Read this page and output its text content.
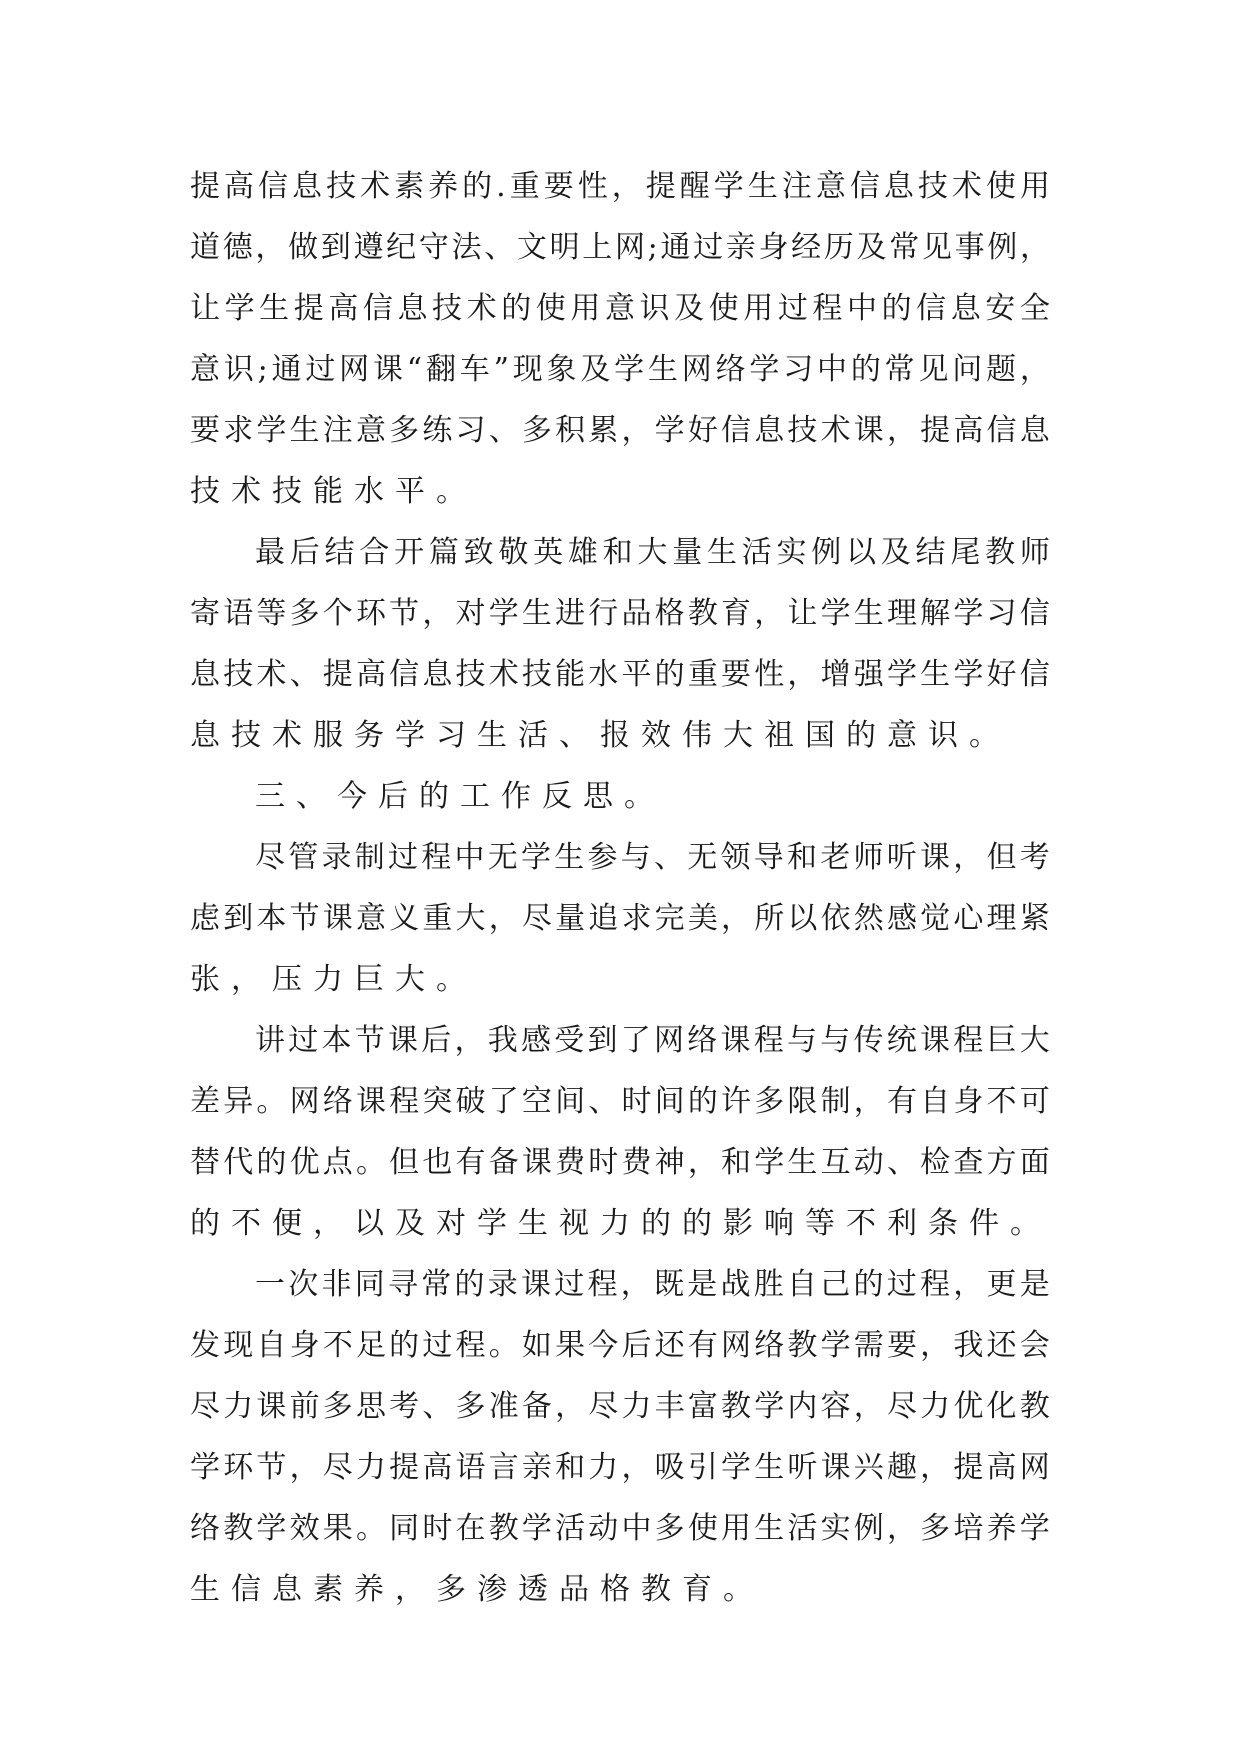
提 高 信 息 技 术 素 养 的 . 重 要 性 ， 提 醒 学 生 注 意 信 息 技 术 使 用
道 德 ， 做 到 遵 纪 守 法 、 文 明 上 网 ; 通 过 亲 身 经 历 及 常 见 事 例 ，
让 学 生 提 高 信 息 技 术 的 使 用 意 识 及 使 用 过 程 中 的 信 息 安 全
意 识 ; 通 过 网 课 “ 翻 车 ” 现 象 及 学 生 网 络 学 习 中 的 常 见 问 题 ，
要 求 学 生 注 意 多 练 习 、 多 积 累 ， 学 好 信 息 技 术 课 ， 提 高 信 息
技术技能水平。
最 后 结 合 开 篇 致 敬 英 雄 和 大 量 生 活 实 例 以 及 结 尾 教 师
寄 语 等 多 个 环 节 ， 对 学 生 进 行 品 格 教 育 ， 让 学 生 理 解 学 习 信
息 技 术 、 提 高 信 息 技 术 技 能 水 平 的 重 要 性 ， 增 强 学 生 学 好 信
息技术服务学习生活、报效伟大祖国的意识。
三、今后的工作反思。
尽 管 录 制 过 程 中 无 学 生 参 与 、 无 领 导 和 老 师 听 课 ， 但 考
虑 到 本 节 课 意 义 重 大 ， 尽 量 追 求 完 美 ， 所 以 依 然 感 觉 心 理 紧
张，压力巨大。
讲 过 本 节 课 后 ， 我 感 受 到 了 网 络 课 程 与 与 传 统 课 程 巨 大
差 异 。 网 络 课 程 突 破 了 空 间 、 时 间 的 许 多 限 制 ， 有 自 身 不 可
替 代 的 优 点 。 但 也 有 备 课 费 时 费 神 ， 和 学 生 互 动 、 检 查 方 面
的不便，以及对学生视力的的影响等不利条件。
一 次 非 同 寻 常 的 录 课 过 程 ， 既 是 战 胜 自 己 的 过 程 ， 更 是
发 现 自 身 不 足 的 过 程 。 如 果 今 后 还 有 网 络 教 学 需 要 ， 我 还 会
尽 力 课 前 多 思 考 、 多 准 备 ， 尽 力 丰 富 教 学 内 容 ， 尽 力 优 化 教
学 环 节 ， 尽 力 提 高 语 言 亲 和 力 ， 吸 引 学 生 听 课 兴 趣 ， 提 高 网
络 教 学 效 果 。 同 时 在 教 学 活 动 中 多 使 用 生 活 实 例 ， 多 培 养 学
生信息素养，多渗透品格教育。
